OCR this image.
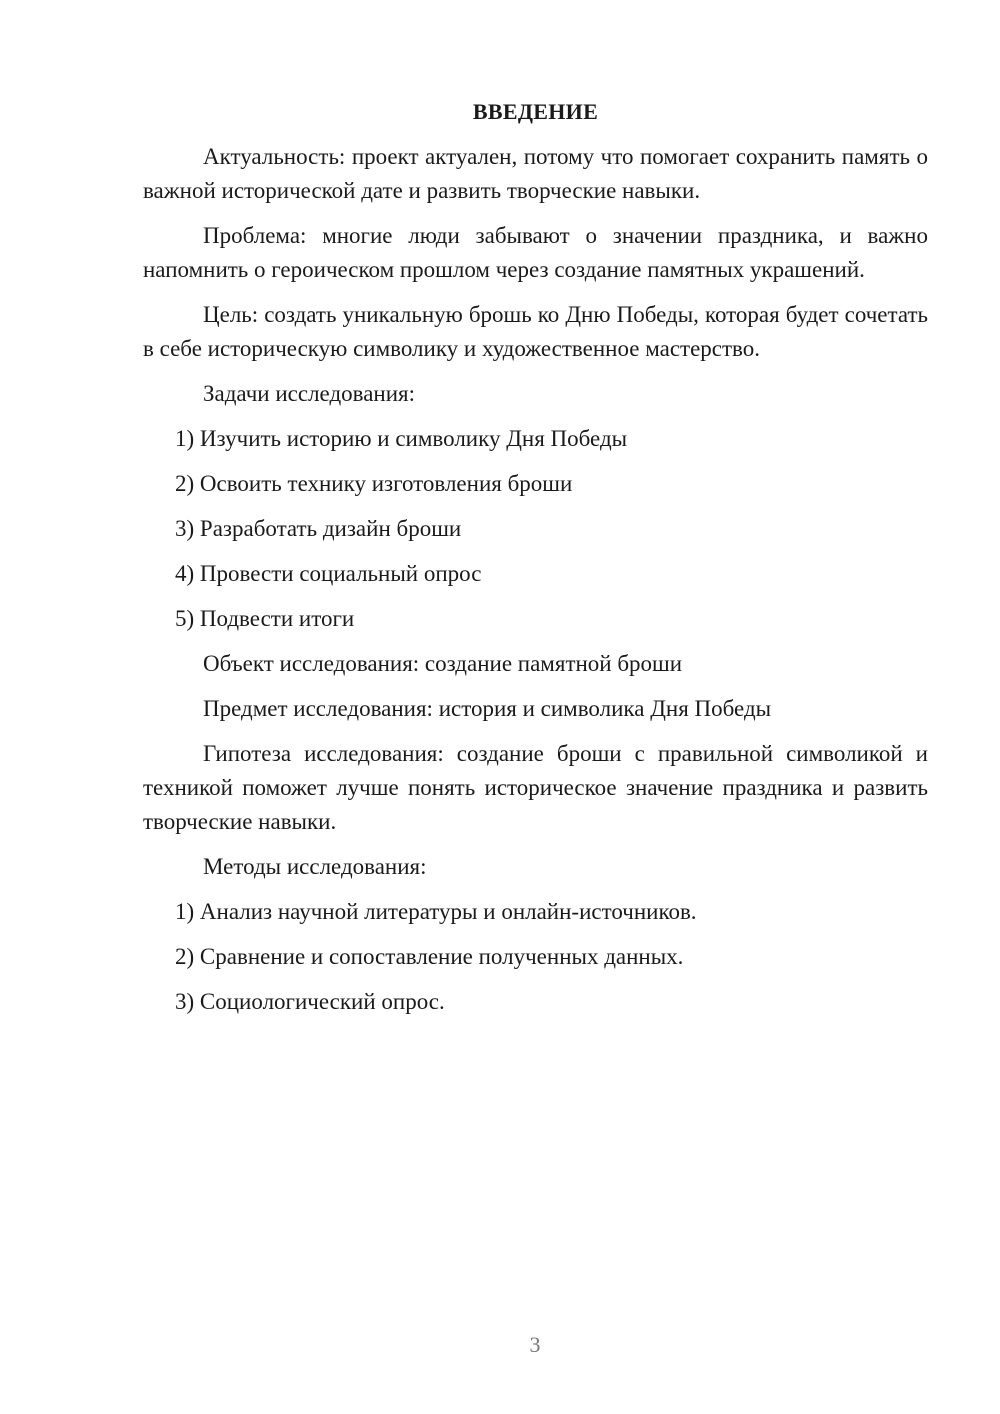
ВВЕДЕНИЕ
Актуальность: проект актуален, потому что помогает сохранить память о важной исторической дате и развить творческие навыки.
Проблема: многие люди забывают о значении праздника, и важно напомнить о героическом прошлом через создание памятных украшений.
Цель: создать уникальную брошь ко Дню Победы, которая будет сочетать в себе историческую символику и художественное мастерство.
Задачи исследования:
1) Изучить историю и символику Дня Победы
2) Освоить технику изготовления броши
3) Разработать дизайн броши
4) Провести социальный опрос
5) Подвести итоги
Объект исследования: создание памятной броши
Предмет исследования: история и символика Дня Победы
Гипотеза исследования: создание броши с правильной символикой и техникой поможет лучше понять историческое значение праздника и развить творческие навыки.
Методы исследования:
1) Анализ научной литературы и онлайн-источников.
2) Сравнение и сопоставление полученных данных.
3) Социологический опрос.
3
